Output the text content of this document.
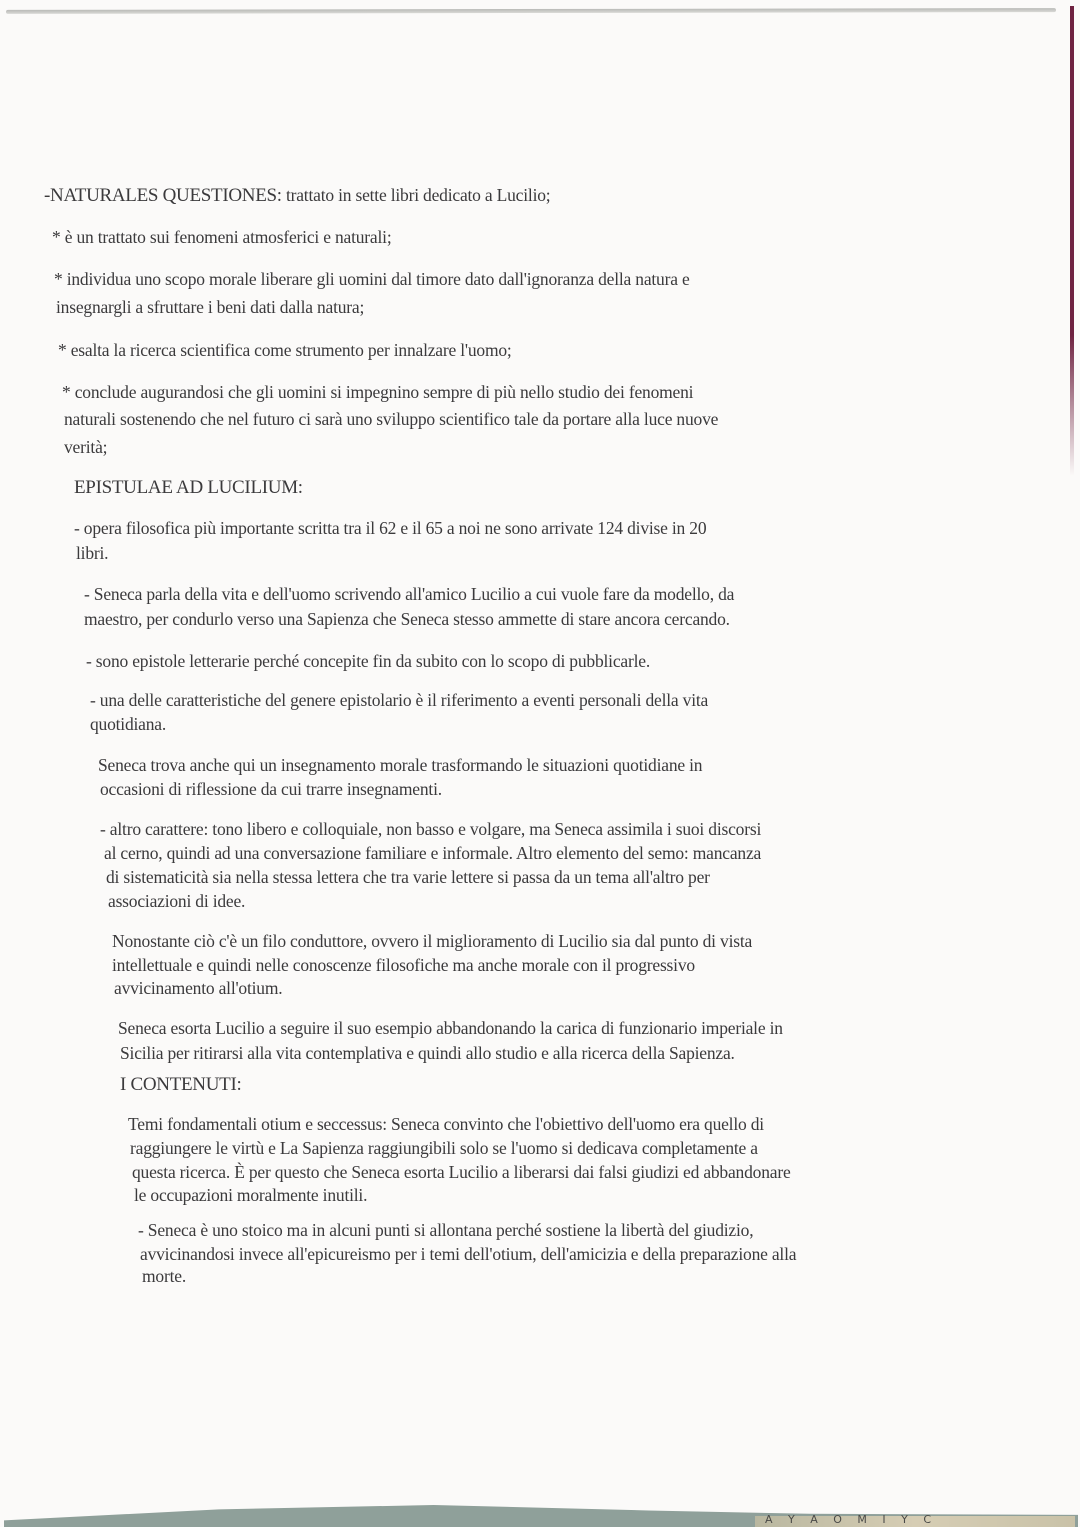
-NATURALES QUESTIONES: trattato in sette libri dedicato a Lucilio;
* è un trattato sui fenomeni atmosferici e naturali;
* individua uno scopo morale liberare gli uomini dal timore dato dall'ignoranza della natura e
insegnargli a sfruttare i beni dati dalla natura;
* esalta la ricerca scientifica come strumento per innalzare l'uomo;
* conclude augurandosi che gli uomini si impegnino sempre di più nello studio dei fenomeni
naturali sostenendo che nel futuro ci sarà uno sviluppo scientifico tale da portare alla luce nuove
verità;
EPISTULAE AD LUCILIUM:
- opera filosofica più importante scritta tra il 62 e il 65 a noi ne sono arrivate 124 divise in 20
libri.
- Seneca parla della vita e dell'uomo scrivendo all'amico Lucilio a cui vuole fare da modello, da
maestro, per condurlo verso una Sapienza che Seneca stesso ammette di stare ancora cercando.
- sono epistole letterarie perché concepite fin da subito con lo scopo di pubblicarle.
- una delle caratteristiche del genere epistolario è il riferimento a eventi personali della vita
quotidiana.
Seneca trova anche qui un insegnamento morale trasformando le situazioni quotidiane in
occasioni di riflessione da cui trarre insegnamenti.
- altro carattere: tono libero e colloquiale, non basso e volgare, ma Seneca assimila i suoi discorsi
al cerno, quindi ad una conversazione familiare e informale. Altro elemento del semo: mancanza
di sistematicità sia nella stessa lettera che tra varie lettere si passa da un tema all'altro per
associazioni di idee.
Nonostante ciò c'è un filo conduttore, ovvero il miglioramento di Lucilio sia dal punto di vista
intellettuale e quindi nelle conoscenze filosofiche ma anche morale con il progressivo
avvicinamento all'otium.
Seneca esorta Lucilio a seguire il suo esempio abbandonando la carica di funzionario imperiale in
Sicilia per ritirarsi alla vita contemplativa e quindi allo studio e alla ricerca della Sapienza.
I CONTENUTI:
Temi fondamentali otium e seccessus: Seneca convinto che l'obiettivo dell'uomo era quello di
raggiungere le virtù e La Sapienza raggiungibili solo se l'uomo si dedicava completamente a
questa ricerca. È per questo che Seneca esorta Lucilio a liberarsi dai falsi giudizi ed abbandonare
le occupazioni moralmente inutili.
- Seneca è uno stoico ma in alcuni punti si allontana perché sostiene la libertà del giudizio,
avvicinandosi invece all'epicureismo per i temi dell'otium, dell'amicizia e della preparazione alla
morte.
A Y A O M I Y C
